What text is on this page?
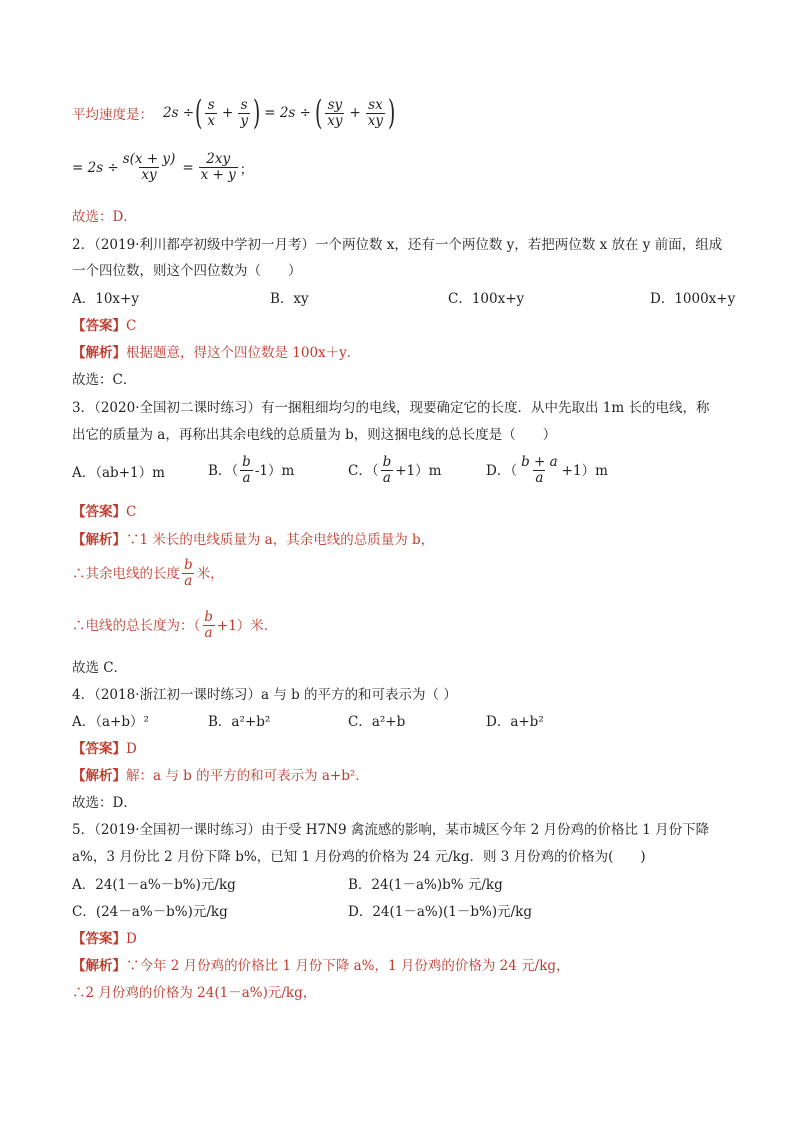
平均速度是： 2s ÷ ( $\frac{s}{x} + \frac{s}{y}$ ) = 2s ÷ ( $\frac{sy}{xy} + \frac{sx}{xy}$ )
= $2s \div \frac{s(x + y)}{xy} = \frac{2xy}{x + y}$ ；
故选：D．
2．（2019·利川都亭初级中学初一月考）一个两位数 x，还有一个两位数 y，若把两位数 x 放在 y 前面，组成
一个四位数，则这个四位数为（　　）
A．10x+y	B．xy	C．100x+y	D．1000x+y
【答案】C
【解析】根据题意，得这个四位数是 100x＋y．
故选：C．
3．（2020·全国初二课时练习）有一捆粗细均匀的电线，现要确定它的长度．从中先取出 1m 长的电线，称
出它的质量为 a，再称出其余电线的总质量为 b，则这捆电线的总长度是（　　）
A．（ab+1）m	B．（ $\frac{b}{a} -1)m$	C．（ $\frac{b}{a} +1)m$	D．（ $\frac{b + a}{a} +1)m$
【答案】C
【解析】∵1 米长的电线质量为 a，其余电线的总质量为 b，
∴其余电线的长度 $\frac{b}{a}$ 米，
∴电线的总长度为：（ $\frac{b}{a} +1$）米．
故选 C．
4．（2018·浙江初一课时练习）a 与 b 的平方的和可表示为（ ）
A．（a+b）²	B．a²+b²	C．a²+b	D．a+b²
【答案】D
【解析】解：a 与 b 的平方的和可表示为 a+b²．
故选：D．
5．（2019·全国初一课时练习）由于受 H7N9 禽流感的影响，某市城区今年 2 月份鸡的价格比 1 月份下降
a%，3 月份比 2 月份下降 b%，已知 1 月份鸡的价格为 24 元/kg．则 3 月份鸡的价格为(　　)
A．24(1－a%－b%)元/kg	B．24(1－a%)b% 元/kg
C．(24－a%－b%)元/kg	D．24(1－a%)(1－b%)元/kg
【答案】D
【解析】∵今年 2 月份鸡的价格比 1 月份下降 a%，1 月份鸡的价格为 24 元/kg，
∴2 月份鸡的价格为 24(1－a%)元/kg，
